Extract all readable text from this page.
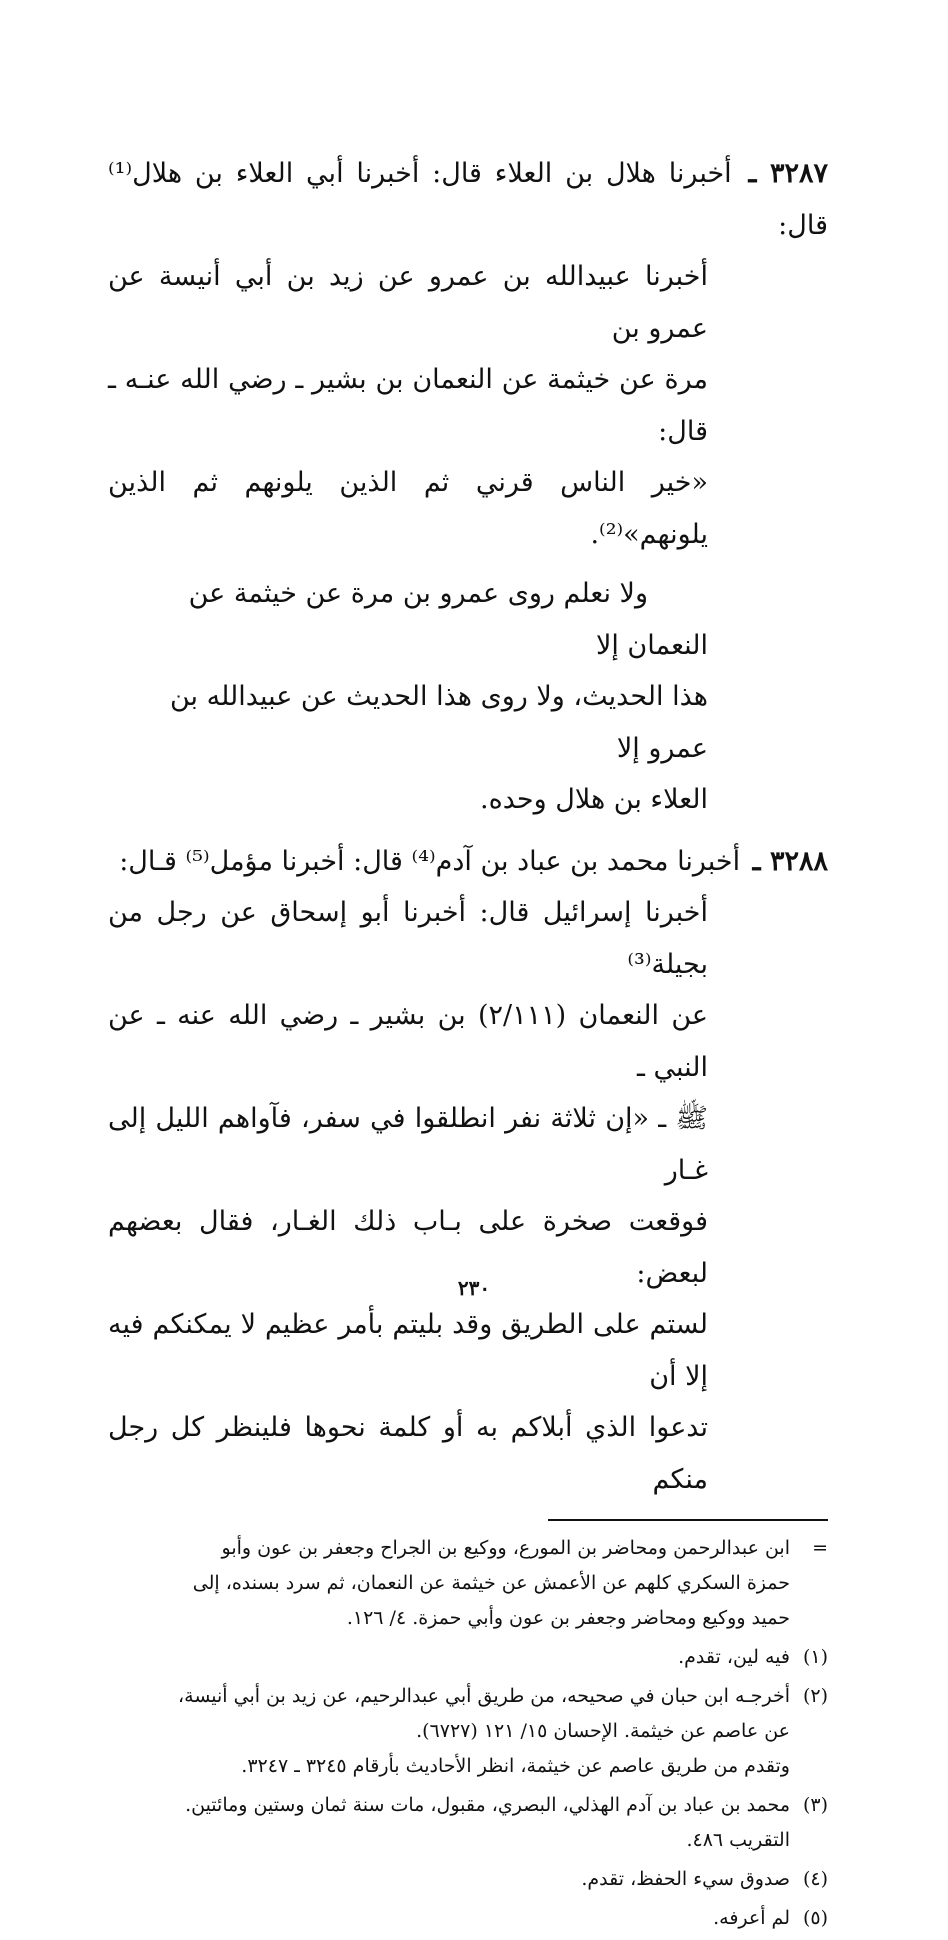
٣٢٨٧ ـ أخبرنا هلال بن العلاء قال: أخبرنا أبي العلاء بن هلال⁽¹⁾ قال:
أخبرنا عبيدالله بن عمرو عن زيد بن أبي أنيسة عن عمرو بن
مرة عن خيثمة عن النعمان بن بشير ـ رضي الله عنـه ـ قال:
«خير الناس قرني ثم الذين يلونهم ثم الذين يلونهم»⁽²⁾.
ولا نعلم روى عمرو بن مرة عن خيثمة عن النعمان إلا
هذا الحديث، ولا روى هذا الحديث عن عبيدالله بن عمرو إلا
العلاء بن هلال وحده.
٣٢٨٨ ـ أخبرنا محمد بن عباد بن آدم⁽⁴⁾ قال: أخبرنا مؤمل⁽⁵⁾ قـال:
أخبرنا إسرائيل قال: أخبرنا أبو إسحاق عن رجل من بجيلة⁽³⁾
عن النعمان (٢/١١١) بن بشير ـ رضي الله عنه ـ عن النبي ـ
ﷺ ـ «إن ثلاثة نفر انطلقوا في سفر، فآواهم الليل إلى غـار
فوقعت صخرة على بـاب ذلك الغـار، فقال بعضهم لبعض:
لستم على الطريق وقد بليتم بأمر عظيم لا يمكنكم فيه إلا أن
تدعوا الذي أبلاكم به أو كلمة نحوها فلينظر كل رجل منكم
=

ابن عبدالرحمن ومحاضر بن المورع، ووكيع بن الجراح وجعفر بن عون وأبو

حمزة السكري كلهم عن الأعمش عن خيثمة عن النعمان، ثم سرد بسنده، إلى

حميد ووكيع ومحاضر وجعفر بن عون وأبي حمزة. ٤/ ١٢٦.

(١)

فيه لين، تقدم.

(٢)

أخرجـه ابن حبان في صحيحه، من طريق أبي عبدالرحيم، عن زيد بن أبي أنيسة،

عن عاصم عن خيثمة. الإحسان ١٥/ ١٢١ (٦٧٢٧).

وتقدم من طريق عاصم عن خيثمة، انظر الأحاديث بأرقام ٣٢٤٥ ـ ٣٢٤٧.

(٣)

محمد بن عباد بن آدم الهذلي، البصري، مقبول، مات سنة ثمان وستين ومائتين.

التقريب ٤٨٦.

(٤)

صدوق سيء الحفظ، تقدم.

(٥)

لم أعرفه.

٢٣٠
